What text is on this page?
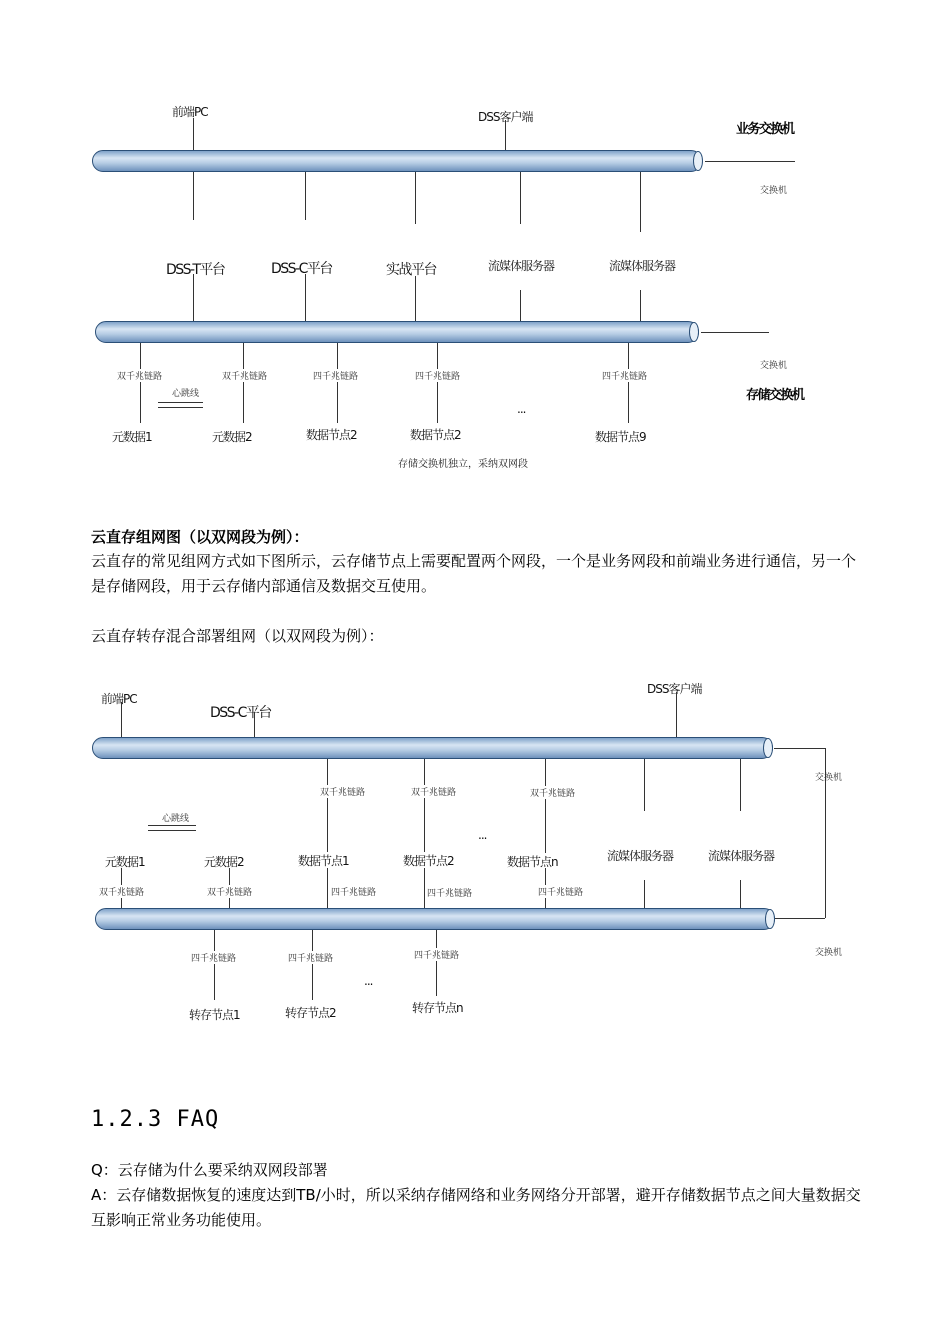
前端PC	DSS客户端
业务交换机
交换机
DSS-T平台	DSS-C平台	实战平台	流媒体服务器	流媒体服务器
交换机
存储交换机
双千兆链路	双千兆链路	四千兆链路	四千兆链路	四千兆链路
心跳线
...
元数据1	元数据2	数据节点2	数据节点2	数据节点9
存储交换机独立，采纳双网段
云直存组网图（以双网段为例）：
云直存的常见组网方式如下图所示，云存储节点上需要配置两个网段，一个是业务网段和前端业务进行通信，另一个是存储网段，用于云存储内部通信及数据交互使用。
云直存转存混合部署组网（以双网段为例）：
前端PC
DSS-C平台
DSS客户端
交换机
双千兆链路	双千兆链路	双千兆链路
心跳线
...
元数据1	元数据2	数据节点1	数据节点2	数据节点n	流媒体服务器	流媒体服务器
双千兆链路	双千兆链路	四千兆链路	四千兆链路	四千兆链路
交换机
四千兆链路	四千兆链路	四千兆链路
...
转存节点1	转存节点2	转存节点n
1.2.3 FAQ
Q：云存储为什么要采纳双网段部署
A：云存储数据恢复的速度达到TB/小时，所以采纳存储网络和业务网络分开部署，避开存储数据节点之间大量数据交互影响正常业务功能使用。
